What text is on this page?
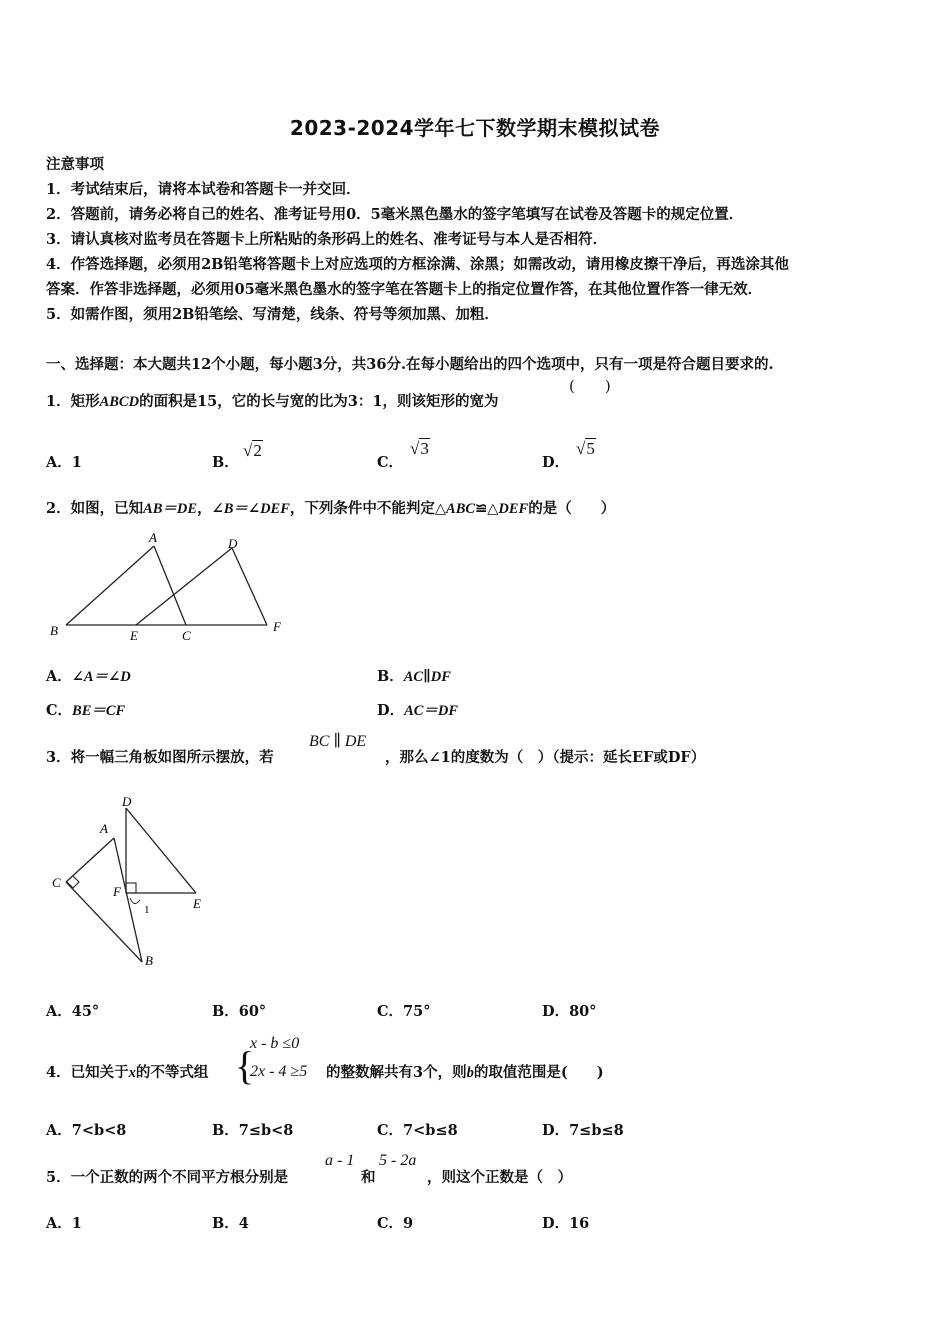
2023-2024学年七下数学期末模拟试卷
注意事项
1．考试结束后，请将本试卷和答题卡一并交回．
2．答题前，请务必将自己的姓名、准考证号用0．5毫米黑色墨水的签字笔填写在试卷及答题卡的规定位置．
3．请认真核对监考员在答题卡上所粘贴的条形码上的姓名、准考证号与本人是否相符．
4．作答选择题，必须用2B铅笔将答题卡上对应选项的方框涂满、涂黑；如需改动，请用橡皮擦干净后，再选涂其他
答案．作答非选择题，必须用05毫米黑色墨水的签字笔在答题卡上的指定位置作答，在其他位置作答一律无效．
5．如需作图，须用2B铅笔绘、写清楚，线条、符号等须加黑、加粗．
一、选择题：本大题共12个小题，每小题3分，共36分.在每小题给出的四个选项中，只有一项是符合题目要求的.
1．矩形ABCD的面积是15，它的长与宽的比为3：1，则该矩形的宽为
(　　)
A．1	B．
√2
C．
√3
D．
√5
2．如图，已知AB＝DE，∠B＝∠DEF，下列条件中不能判定△ABC≌△DEF的是（　　）
A	D
B	E	C
F
A．∠A＝∠D	B．AC∥DF
C．BE＝CF	D．AC＝DF
3．将一幅三角板如图所示摆放，若
BC ∥ DE
，那么∠1的度数为（　）（提示：延长EF或DF）
D
A
C
F
E
1
B
A．45°	B．60°	C．75°	D．80°
4．已知关于x的不等式组 {
x - b ≤0
2x - 4 ≥5 的整数解共有3个，则b的取值范围是(　　)
A．7<b<8	B．7≤b<8	C．7<b≤8	D．7≤b≤8
5．一个正数的两个不同平方根分别是
a - 1
和
5 - 2a
，则这个正数是（　）
A．1	B．4	C．9	D．16
